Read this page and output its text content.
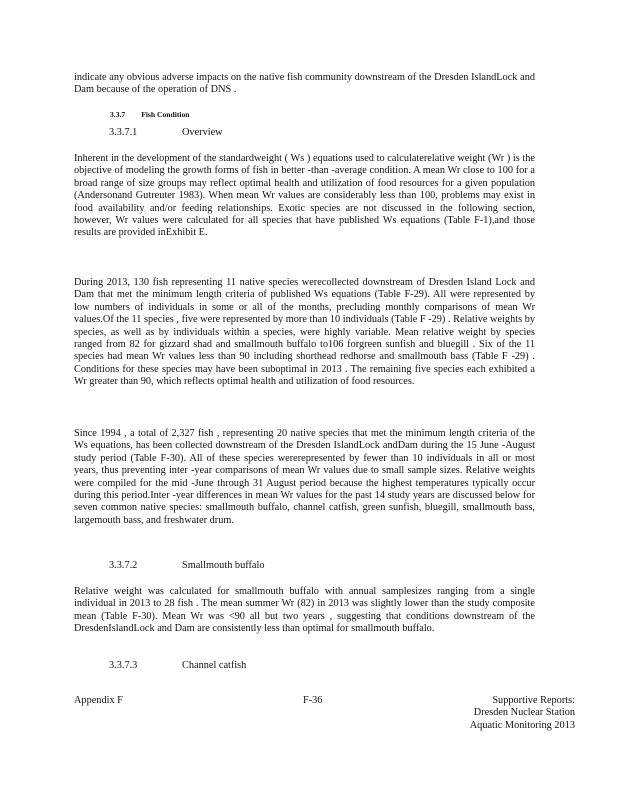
indicate any obvious adverse impacts on the native fish community downstream of the Dresden IslandLock and Dam because of the operation of DNS .

3.3.7 Fish Condition
3.3.7.1	Overview

Inherent in the development of the standardweight ( Ws ) equations used to calculaterelative weight (Wr ) is the objective of modeling the growth forms of fish in better -than -average condition. A mean Wr close to 100 for a broad range of size groups may reflect optimal health and utilization of food resources for a given population (Andersonand Gutreuter 1983). When mean Wr values are considerably less than 100, problems may exist in food availability and/or feeding relationships. Exotic species are not discussed in the following section, however, Wr values were calculated for all species that have published Ws equations (Table F-1),and those results are provided inExhibit E.

During 2013, 130 fish representing 11 native species werecollected downstream of Dresden Island Lock and Dam that met the minimum length criteria of published Ws equations (Table F-29). All were represented by low numbers of individuals in some or all of the months, precluding monthly comparisons of mean Wr values.Of the 11 species , five were represented by more than 10 individuals (Table F -29) . Relative weights by species, as well as by individuals within a species, were highly variable. Mean relative weight by species ranged from 82 for gizzard shad and smallmouth buffalo to106 forgreen sunfish and bluegill . Six of the 11 species had mean Wr values less than 90 including shorthead redhorse and smallmouth bass (Table F -29) . Conditions for these species may have been suboptimal in 2013 . The remaining five species each exhibited a Wr greater than 90, which reflects optimal health and utilization of food resources.

Since 1994 , a total of 2,327 fish , representing 20 native species that met the minimum length criteria of the Ws equations, has been collected downstream of the Dresden IslandLock andDam during the 15 June -August study period (Table F-30). All of these species wererepresented by fewer than 10 individuals in all or most years, thus preventing inter -year comparisons of mean Wr values due to small sample sizes. Relative weights were compiled for the mid -June through 31 August period because the highest temperatures typically occur during this period.Inter -year differences in mean Wr values for the past 14 study years are discussed below for seven common native species: smallmouth buffalo, channel catfish, green sunfish, bluegill, smallmouth bass, largemouth bass, and freshwater drum.

3.3.7.2	Smallmouth buffalo

Relative weight was calculated for smallmouth buffalo with annual samplesizes ranging from a single individual in 2013 to 28 fish . The mean summer Wr (82) in 2013 was slightly lower than the study composite mean (Table F-30). Mean Wr was <90 all but two years , suggesting that conditions downstream of the DresdenIslandLock and Dam are consistently less than optimal for smallmouth buffalo.

3.3.7.3	Channel catfish
Appendix F	F-36	Supportive Reports:
Dresden Nuclear Station
Aquatic Monitoring 2013
